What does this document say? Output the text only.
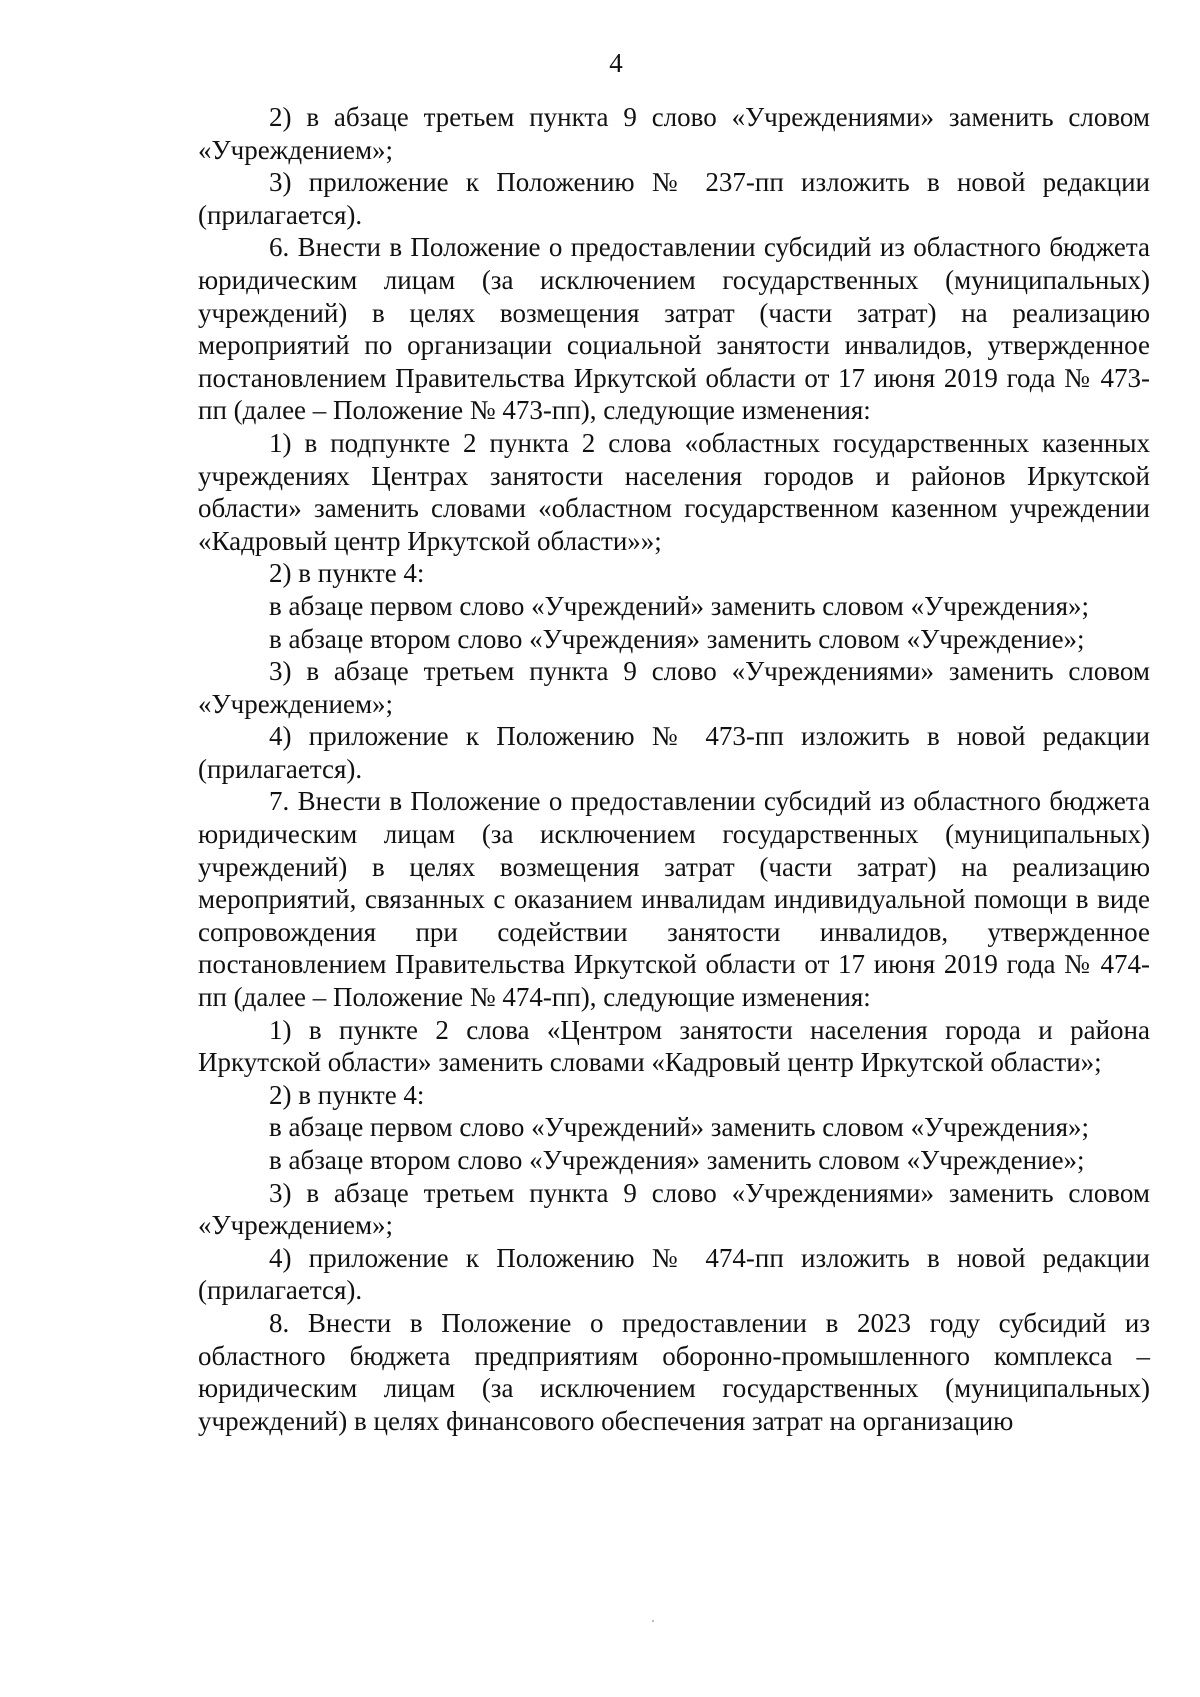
4

2) в абзаце третьем пункта 9 слово «Учреждениями» заменить словом «Учреждением»;

3) приложение к Положению № 237-пп изложить в новой редакции (прилагается).

6. Внести в Положение о предоставлении субсидий из областного бюджета юридическим лицам (за исключением государственных (муниципальных) учреждений) в целях возмещения затрат (части затрат) на реализацию мероприятий по организации социальной занятости инвалидов, утвержденное постановлением Правительства Иркутской области от 17 июня 2019 года № 473-пп (далее – Положение № 473-пп), следующие изменения:

1) в подпункте 2 пункта 2 слова «областных государственных казенных учреждениях Центрах занятости населения городов и районов Иркутской области» заменить словами «областном государственном казенном учреждении «Кадровый центр Иркутской области»»;

2) в пункте 4:

в абзаце первом слово «Учреждений» заменить словом «Учреждения»;

в абзаце втором слово «Учреждения» заменить словом «Учреждение»;

3) в абзаце третьем пункта 9 слово «Учреждениями» заменить словом «Учреждением»;

4) приложение к Положению № 473-пп изложить в новой редакции (прилагается).

7. Внести в Положение о предоставлении субсидий из областного бюджета юридическим лицам (за исключением государственных (муниципальных) учреждений) в целях возмещения затрат (части затрат) на реализацию мероприятий, связанных с оказанием инвалидам индивидуальной помощи в виде сопровождения при содействии занятости инвалидов, утвержденное постановлением Правительства Иркутской области от 17 июня 2019 года № 474-пп (далее – Положение № 474-пп), следующие изменения:

1) в пункте 2 слова «Центром занятости населения города и района Иркутской области» заменить словами «Кадровый центр Иркутской области»;

2) в пункте 4:

в абзаце первом слово «Учреждений» заменить словом «Учреждения»;

в абзаце втором слово «Учреждения» заменить словом «Учреждение»;

3) в абзаце третьем пункта 9 слово «Учреждениями» заменить словом «Учреждением»;

4) приложение к Положению № 474-пп изложить в новой редакции (прилагается).

8. Внести в Положение о предоставлении в 2023 году субсидий из областного бюджета предприятиям оборонно-промышленного комплекса – юридическим лицам (за исключением государственных (муниципальных) учреждений) в целях финансового обеспечения затрат на организацию
